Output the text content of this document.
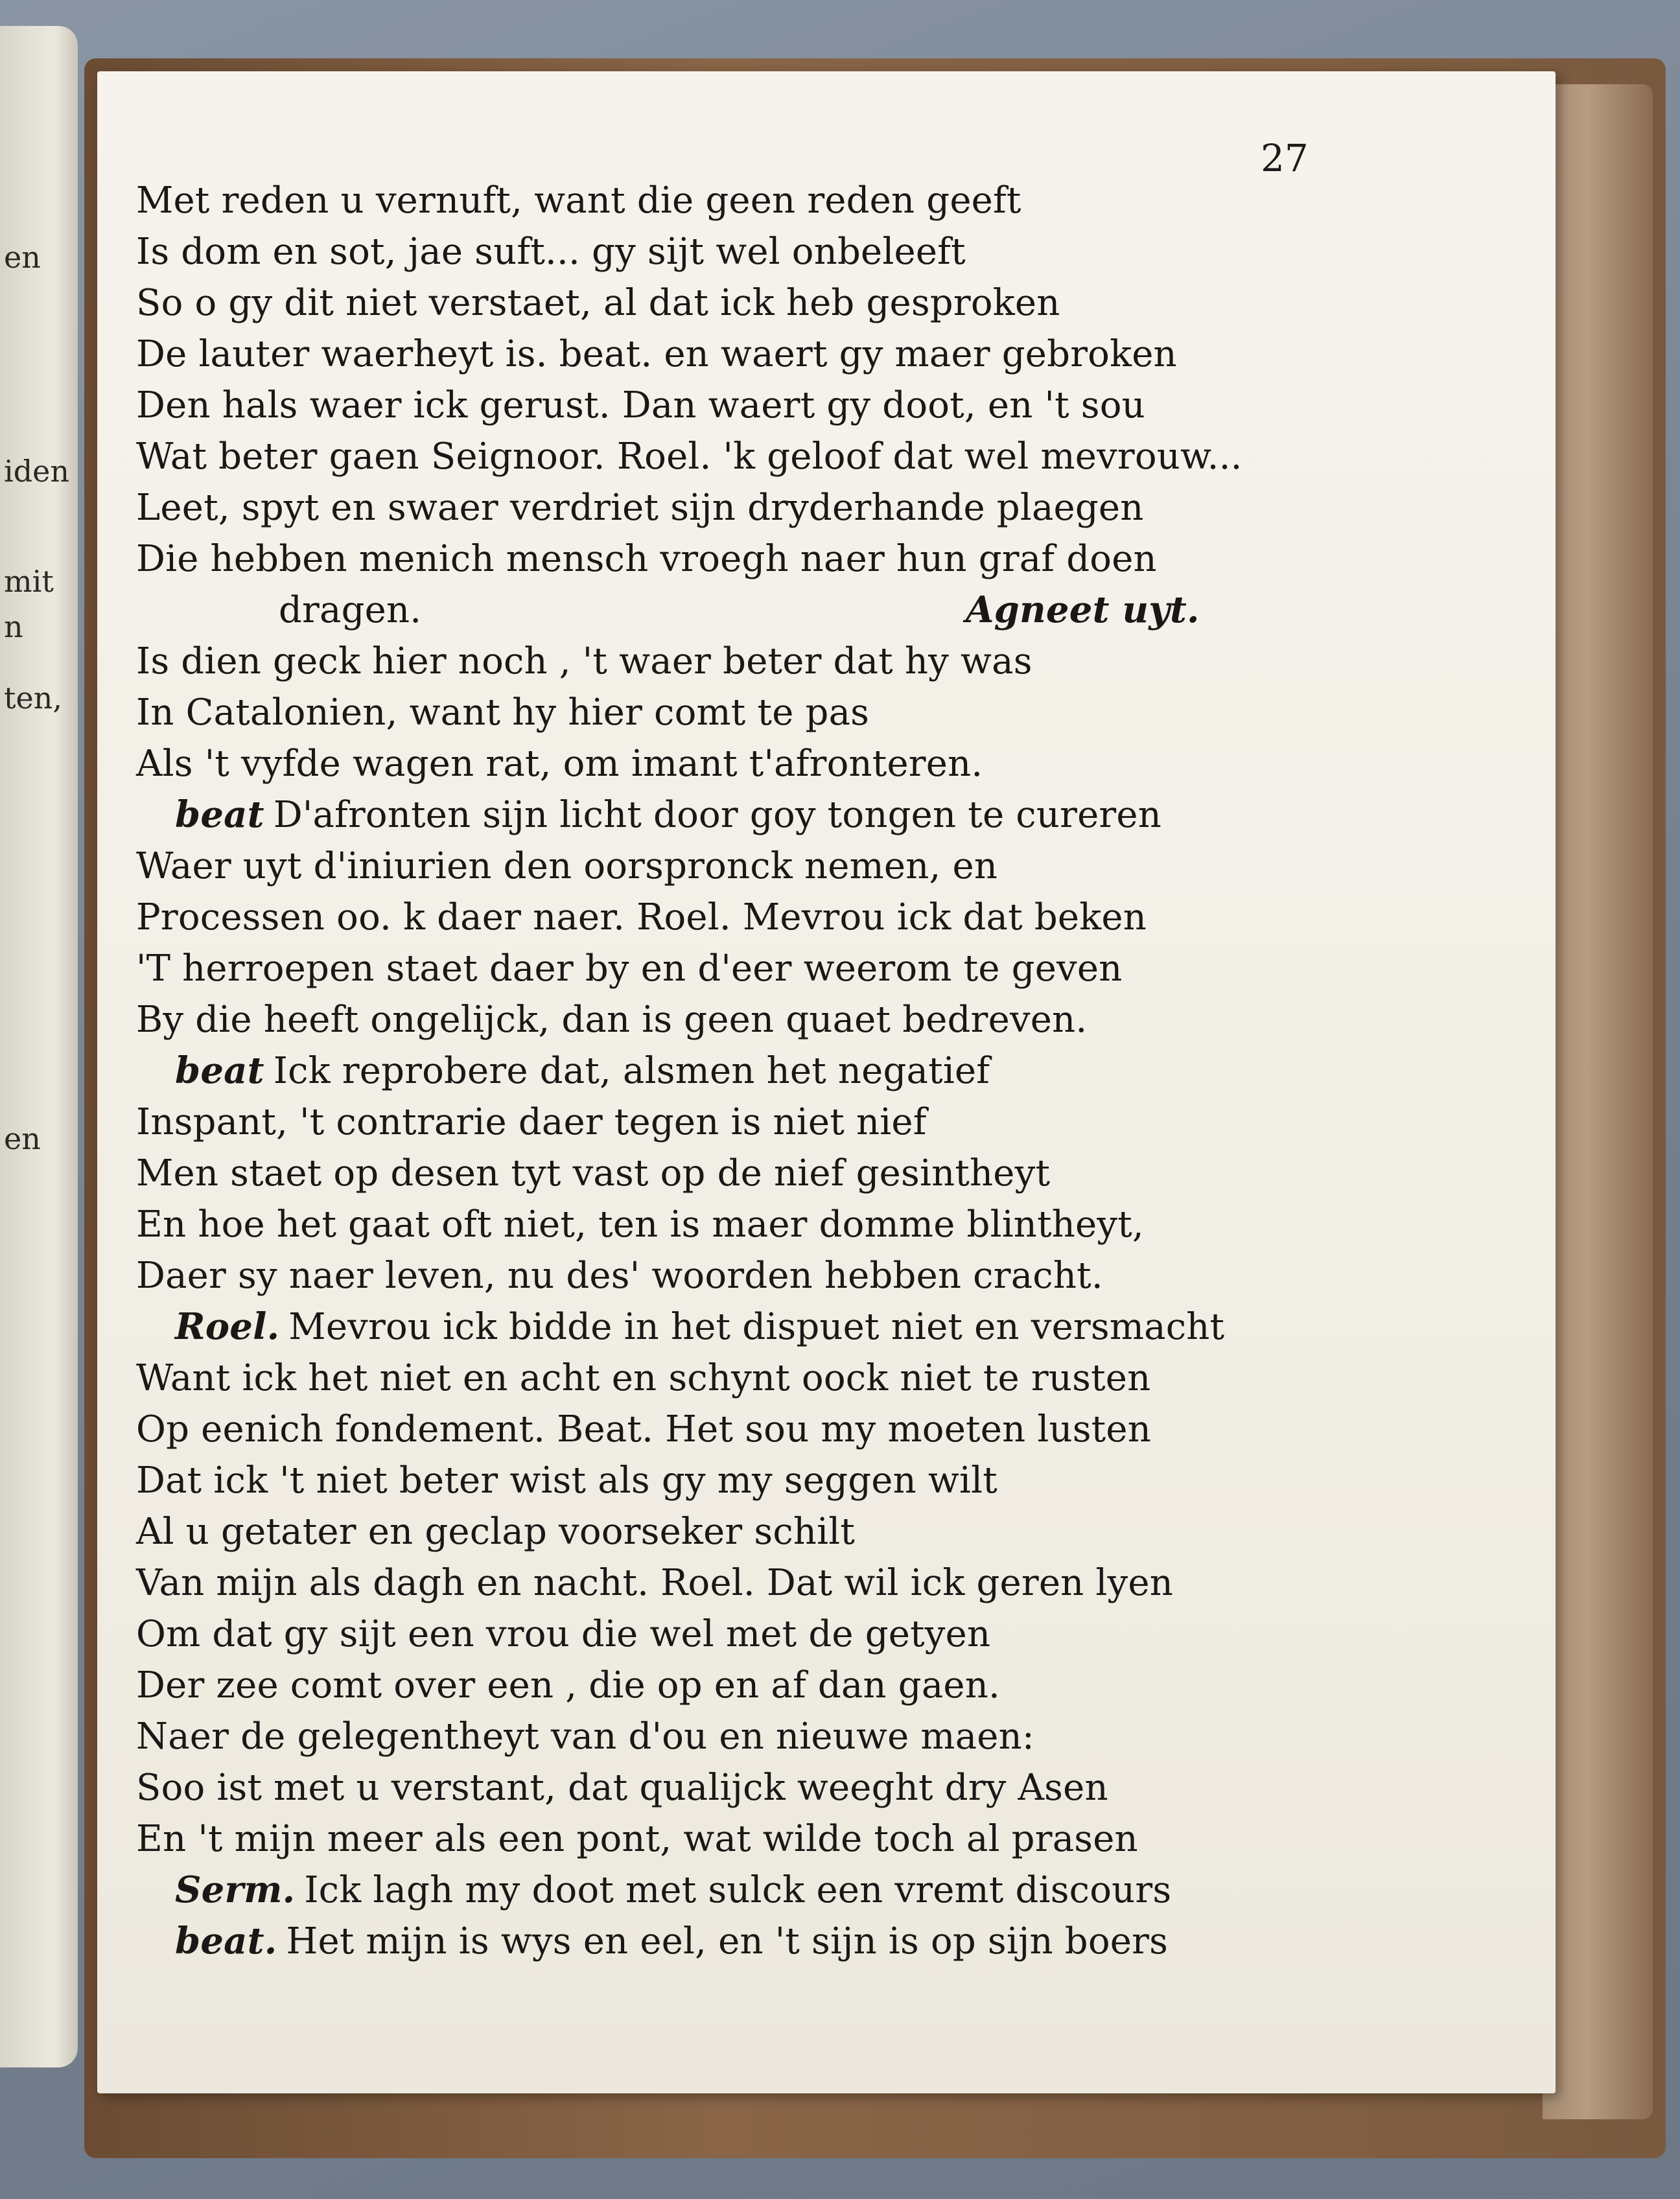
en
iden
mit
n
ten,
en
27
Met reden u vernuft, want die geen reden geeft
Is dom en sot, jae suft... gy sijt wel onbeleeft
So o gy dit niet verstaet, al dat ick heb gesproken
De lauter waerheyt is. beat. en waert gy maer gebroken
Den hals waer ick gerust. Dan waert gy doot, en 't sou
Wat beter gaen Seignoor. Roel. 'k geloof dat wel mevrouw...
Leet, spyt en swaer verdriet sijn dryderhande plaegen
Die hebben menich mensch vroegh naer hun graf doen
dragen.	Agneet uyt.
Is dien geck hier noch , 't waer beter dat hy was
In Catalonien, want hy hier comt te pas
Als 't vyfde wagen rat, om imant t'afronteren.
beat D'afronten sijn licht door goy tongen te cureren
Waer uyt d'iniurien den oorspronck nemen, en
Processen oo. k daer naer. Roel. Mevrou ick dat beken
'T herroepen staet daer by en d'eer weerom te geven
By die heeft ongelijck, dan is geen quaet bedreven.
beat Ick reprobere dat, alsmen het negatief
Inspant, 't contrarie daer tegen is niet nief
Men staet op desen tyt vast op de nief gesintheyt
En hoe het gaat oft niet, ten is maer domme blintheyt,
Daer sy naer leven, nu des' woorden hebben cracht.
Roel. Mevrou ick bidde in het dispuet niet en versmacht
Want ick het niet en acht en schynt oock niet te rusten
Op eenich fondement. Beat. Het sou my moeten lusten
Dat ick 't niet beter wist als gy my seggen wilt
Al u getater en geclap voorseker schilt
Van mijn als dagh en nacht. Roel. Dat wil ick geren lyen
Om dat gy sijt een vrou die wel met de getyen
Der zee comt over een , die op en af dan gaen.
Naer de gelegentheyt van d'ou en nieuwe maen:
Soo ist met u verstant, dat qualijck weeght dry Asen
En 't mijn meer als een pont, wat wilde toch al prasen
Serm. Ick lagh my doot met sulck een vremt discours
beat. Het mijn is wys en eel, en 't sijn is op sijn boers
